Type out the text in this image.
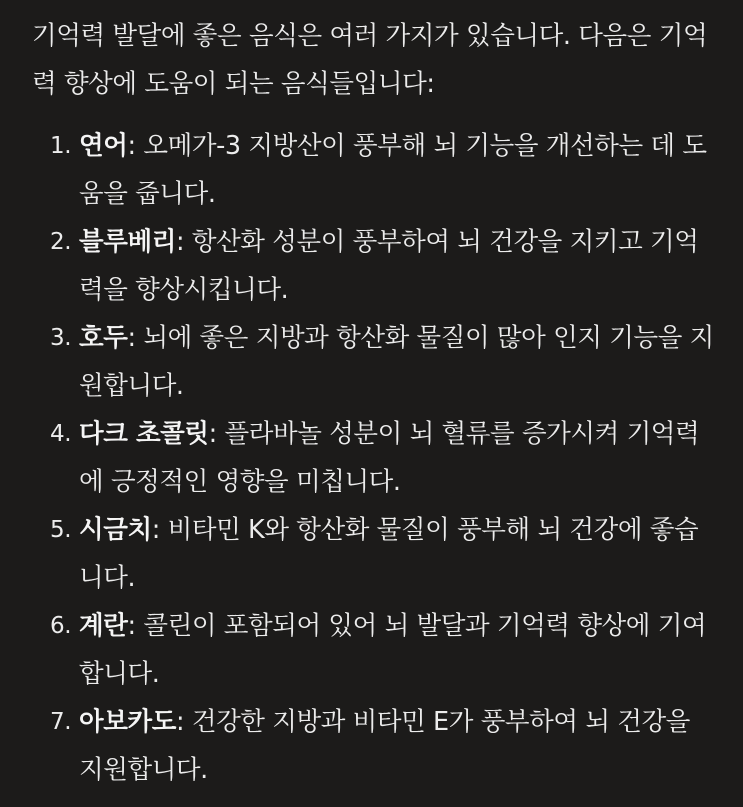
기억력 발달에 좋은 음식은 여러 가지가 있습니다. 다음은 기억력 향상에 도움이 되는 음식들입니다:

1. 연어: 오메가-3 지방산이 풍부해 뇌 기능을 개선하는 데 도움을 줍니다.
2. 블루베리: 항산화 성분이 풍부하여 뇌 건강을 지키고 기억력을 향상시킵니다.
3. 호두: 뇌에 좋은 지방과 항산화 물질이 많아 인지 기능을 지원합니다.
4. 다크 초콜릿: 플라바놀 성분이 뇌 혈류를 증가시켜 기억력에 긍정적인 영향을 미칩니다.
5. 시금치: 비타민 K와 항산화 물질이 풍부해 뇌 건강에 좋습니다.
6. 계란: 콜린이 포함되어 있어 뇌 발달과 기억력 향상에 기여합니다.
7. 아보카도: 건강한 지방과 비타민 E가 풍부하여 뇌 건강을 지원합니다.
